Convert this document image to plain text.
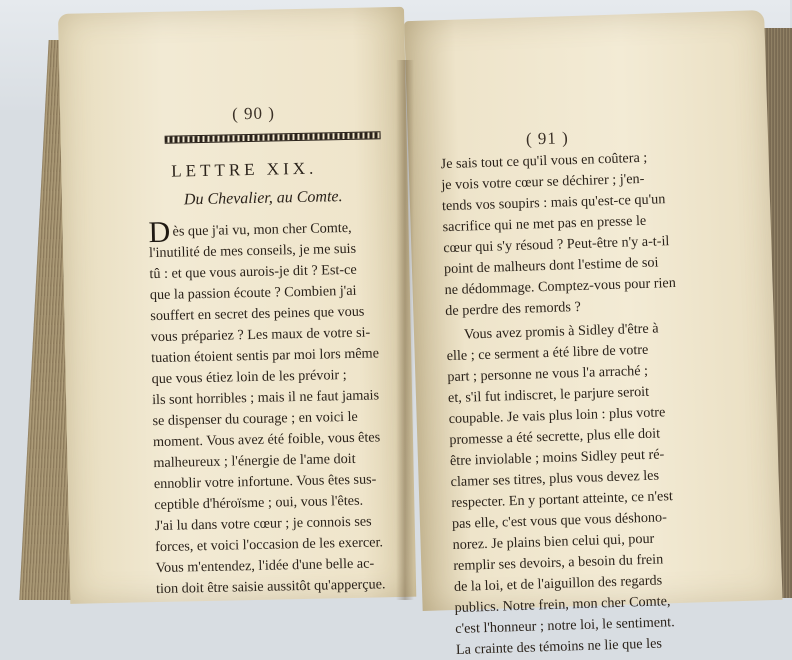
( 90 )
LETTRE XIX.
Du Chevalier, au Comte.
D ès que j'ai vu, mon cher Comte,
l'inutilité de mes conseils, je me suis
tû : et que vous aurois-je dit ? Est-ce
que la passion écoute ? Combien j'ai
souffert en secret des peines que vous
vous prépariez ? Les maux de votre si-
tuation étoient sentis par moi lors même
que vous étiez loin de les prévoir ;
ils sont horribles ; mais il ne faut jamais
se dispenser du courage ; en voici le
moment. Vous avez été foible, vous êtes
malheureux ; l'énergie de l'ame doit
ennoblir votre infortune. Vous êtes sus-
ceptible d'héroïsme ; oui, vous l'êtes.
J'ai lu dans votre cœur ; je connois ses
forces, et voici l'occasion de les exercer.
Vous m'entendez, l'idée d'une belle ac-
tion doit être saisie aussitôt qu'apperçue.
( 91 )
Je sais tout ce qu'il vous en coûtera ;
je vois votre cœur se déchirer ; j'en-
tends vos soupirs : mais qu'est-ce qu'un
sacrifice qui ne met pas en presse le
cœur qui s'y résoud ? Peut-être n'y a-t-il
point de malheurs dont l'estime de soi
ne dédommage. Comptez-vous pour rien
de perdre des remords ?
Vous avez promis à Sidley d'être à
elle ; ce serment a été libre de votre
part ; personne ne vous l'a arraché ;
et, s'il fut indiscret, le parjure seroit
coupable. Je vais plus loin : plus votre
promesse a été secrette, plus elle doit
être inviolable ; moins Sidley peut ré-
clamer ses titres, plus vous devez les
respecter. En y portant atteinte, ce n'est
pas elle, c'est vous que vous déshono-
norez. Je plains bien celui qui, pour
remplir ses devoirs, a besoin du frein
de la loi, et de l'aiguillon des regards
publics. Notre frein, mon cher Comte,
c'est l'honneur ; notre loi, le sentiment.
La crainte des témoins ne lie que les
